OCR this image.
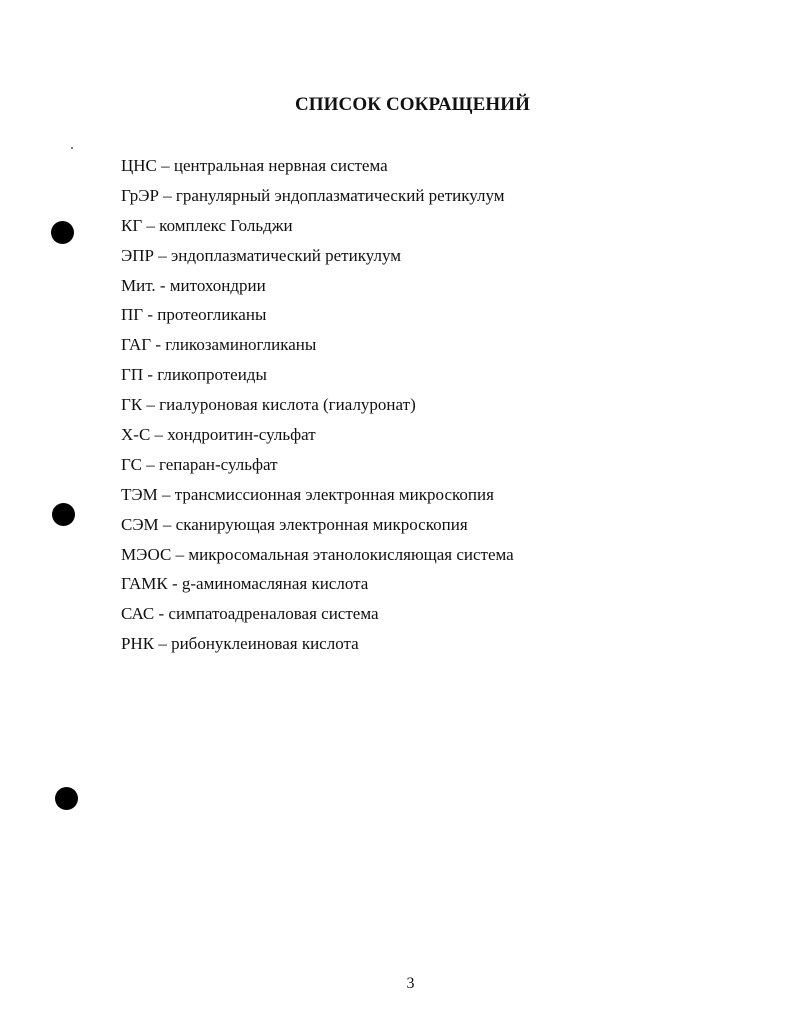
СПИСОК СОКРАЩЕНИЙ
ЦНС – центральная нервная система
ГрЭР – гранулярный эндоплазматический ретикулум
КГ – комплекс Гольджи
ЭПР – эндоплазматический ретикулум
Мит. - митохондрии
ПГ - протеогликаны
ГАГ - гликозаминогликаны
ГП - гликопротеиды
ГК – гиалуроновая кислота (гиалуронат)
Х-С – хондроитин-сульфат
ГС – гепаран-сульфат
ТЭМ – трансмиссионная электронная микроскопия
СЭМ – сканирующая электронная микроскопия
МЭОС – микросомальная этанолокисляющая система
ГАМК - g-аминомасляная кислота
САС - симпатоадреналовая система
РНК – рибонуклеиновая кислота
3
